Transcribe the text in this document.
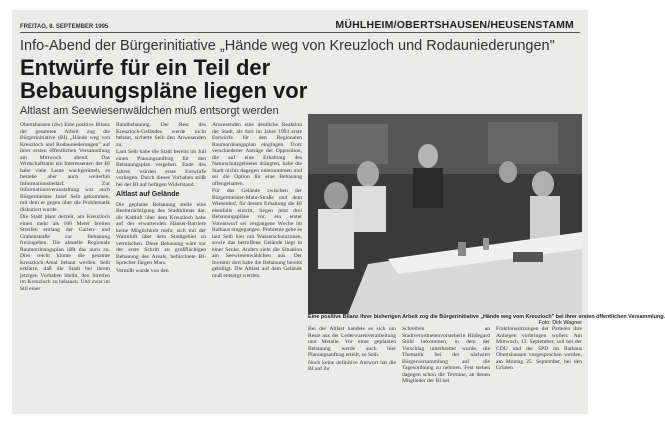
FREITAG, 8. SEPTEMBER 1995	MÜHLHEIM/OBERTSHAUSEN/HEUSENSTAMM
Info-Abend der Bürgerinitiative „Hände weg von Kreuzloch und Rodauniederungen"
Entwürfe für ein Teil der Bebauungspläne liegen vor
Altlast am Seewiesenwäldchen muß entsorgt werden

Obertshausen (dw) Eine positive Bilanz der gesamten Arbeit zog die Bürgerinitiative (BI) „Hände weg von Kreuzloch und Rodauniederungen" auf ihrer ersten öffentlichen Versammlung am Mittwoch abend. Das Wirtschaftsamt ein Interessenten der BI habe viele Leute wachgerüttelt, es bestehe aber auch weiterhin Informationsbedarf. Zur Informationsveranstaltung war auch Bürgermeister Josef Seib gekommen, mit dem er gegen über die Problematik diskutiert wurde.

Die Stadt plant derzeit, am Kreuzloch einen mehr als 100 Meter breiten Streifen entlang der Garten- und Grabenstraße zur Bebauung freizugeben. Die aktuelle Regionale Raumordnungsplan läßt das auch zu. Dies reicht kinnte die gesamte Kreuzloch-Areal bebaut werden. Seib erklärte, daß die Stadt bei ihrem jetzigen Vorhaben bleibt, den Streifen im Kreuzloch zu bebauen. Und zwar im Stil einer

Randbebauung. Der Rest des Kreuzloch-Geländes werde nicht bebaut, sicherte Seib den Anwesenden zu.

Laut Seib habe die Stadt bereits im Juli einen Planungsauftrag für den Bebauungsplan vergeben. Ende des Jahres würden erste Entwürfe vorliegen. Durch dieses Vorhaben stößt bei der BI auf heftigen Widerstand.

Altlast auf Gelände

Die geplante Bebauung stelle eine Beeinträchtigung des Stadtklimas dar, die Kaltluft über dem Kreuzloch habe auf der erwartenden Häuser-Barriere keine Möglichkeit mehr, sich mit der Warmluft über dem Stadtgebiet zu vermischen. Diese Bebauung wäre nur der erste Schritt zu großflächigen Bebauung des Areals, befürchtete BI-Sprecher Jürgen Mars.

Vermißt wurde von den

Anwesenden eine deutliche Reaktion der Stadt, als dort im Jahre 1993 erste Entwürfe für den Regionalen Raumordnungsplan eingingen. Trotz verschiedener Anträge der Opposition, die auf eine Erhaltung des Naturschutzgebietes drängten, habe die Stadt nichts dagegen unternommen und sei die Option für eine Bebauung offengehalten.

Für das Gelände zwischen der Bürgermeister-Mahr-Straße und dem Wiesenhof, für dessen Erhaltung die BI ebenfalls eintritt, liegen jetzt drei Bebauungspläne vor, ein erster Vorentwurf sei vergangene Woche im Rathaus eingegangen. Probleme gebe es laut Seib hier mit Wasserschutzzonen, sowie das betroffene Gelände liegt in einer Senke. Anders sieht die Situation am Seewiesenwäldchen aus. Der Investor dort habe die Bebauung bereits gebilligt. Die Altlast auf dem Gelände muß entsorgt werden.

Eine positive Bilanz ihrer bisherigen Arbeit zog die Bürgerinitiative „Hände weg vom Kreuzloch" bei ihrer ersten öffentlichen Versammlung.
Foto: Dirk Wagner

Bei der Altlast handele es sich um Reste aus der Lederwarenverarbeitung und Metalle. Vor einer geplanten Bebauung werde auch hier Planungsauftrag erteilt, so Seib.

Noch keine definitive Antwort hat die BI auf ihr

Schreiben an Stadtverordnetenvorsteherin Hildegard Stöhl bekommen, in dem der Vorschlag unterbreitet wurde, die Thematik bei der nächsten Bürgerversammlung auf die Tagesordnung zu nehmen. Fest stehen dagegen schon die Termine, an denen Mitglieder der BI bei

Fraktionssitzungen der Parteien ihre Anliegen vorbringen wollen: Am Mittwoch, 13. September, soll bei der CDU und der SPD im Rathaus Obertshausen vorgesprochen werden, am Montag 25. September, bei den Grünen.
